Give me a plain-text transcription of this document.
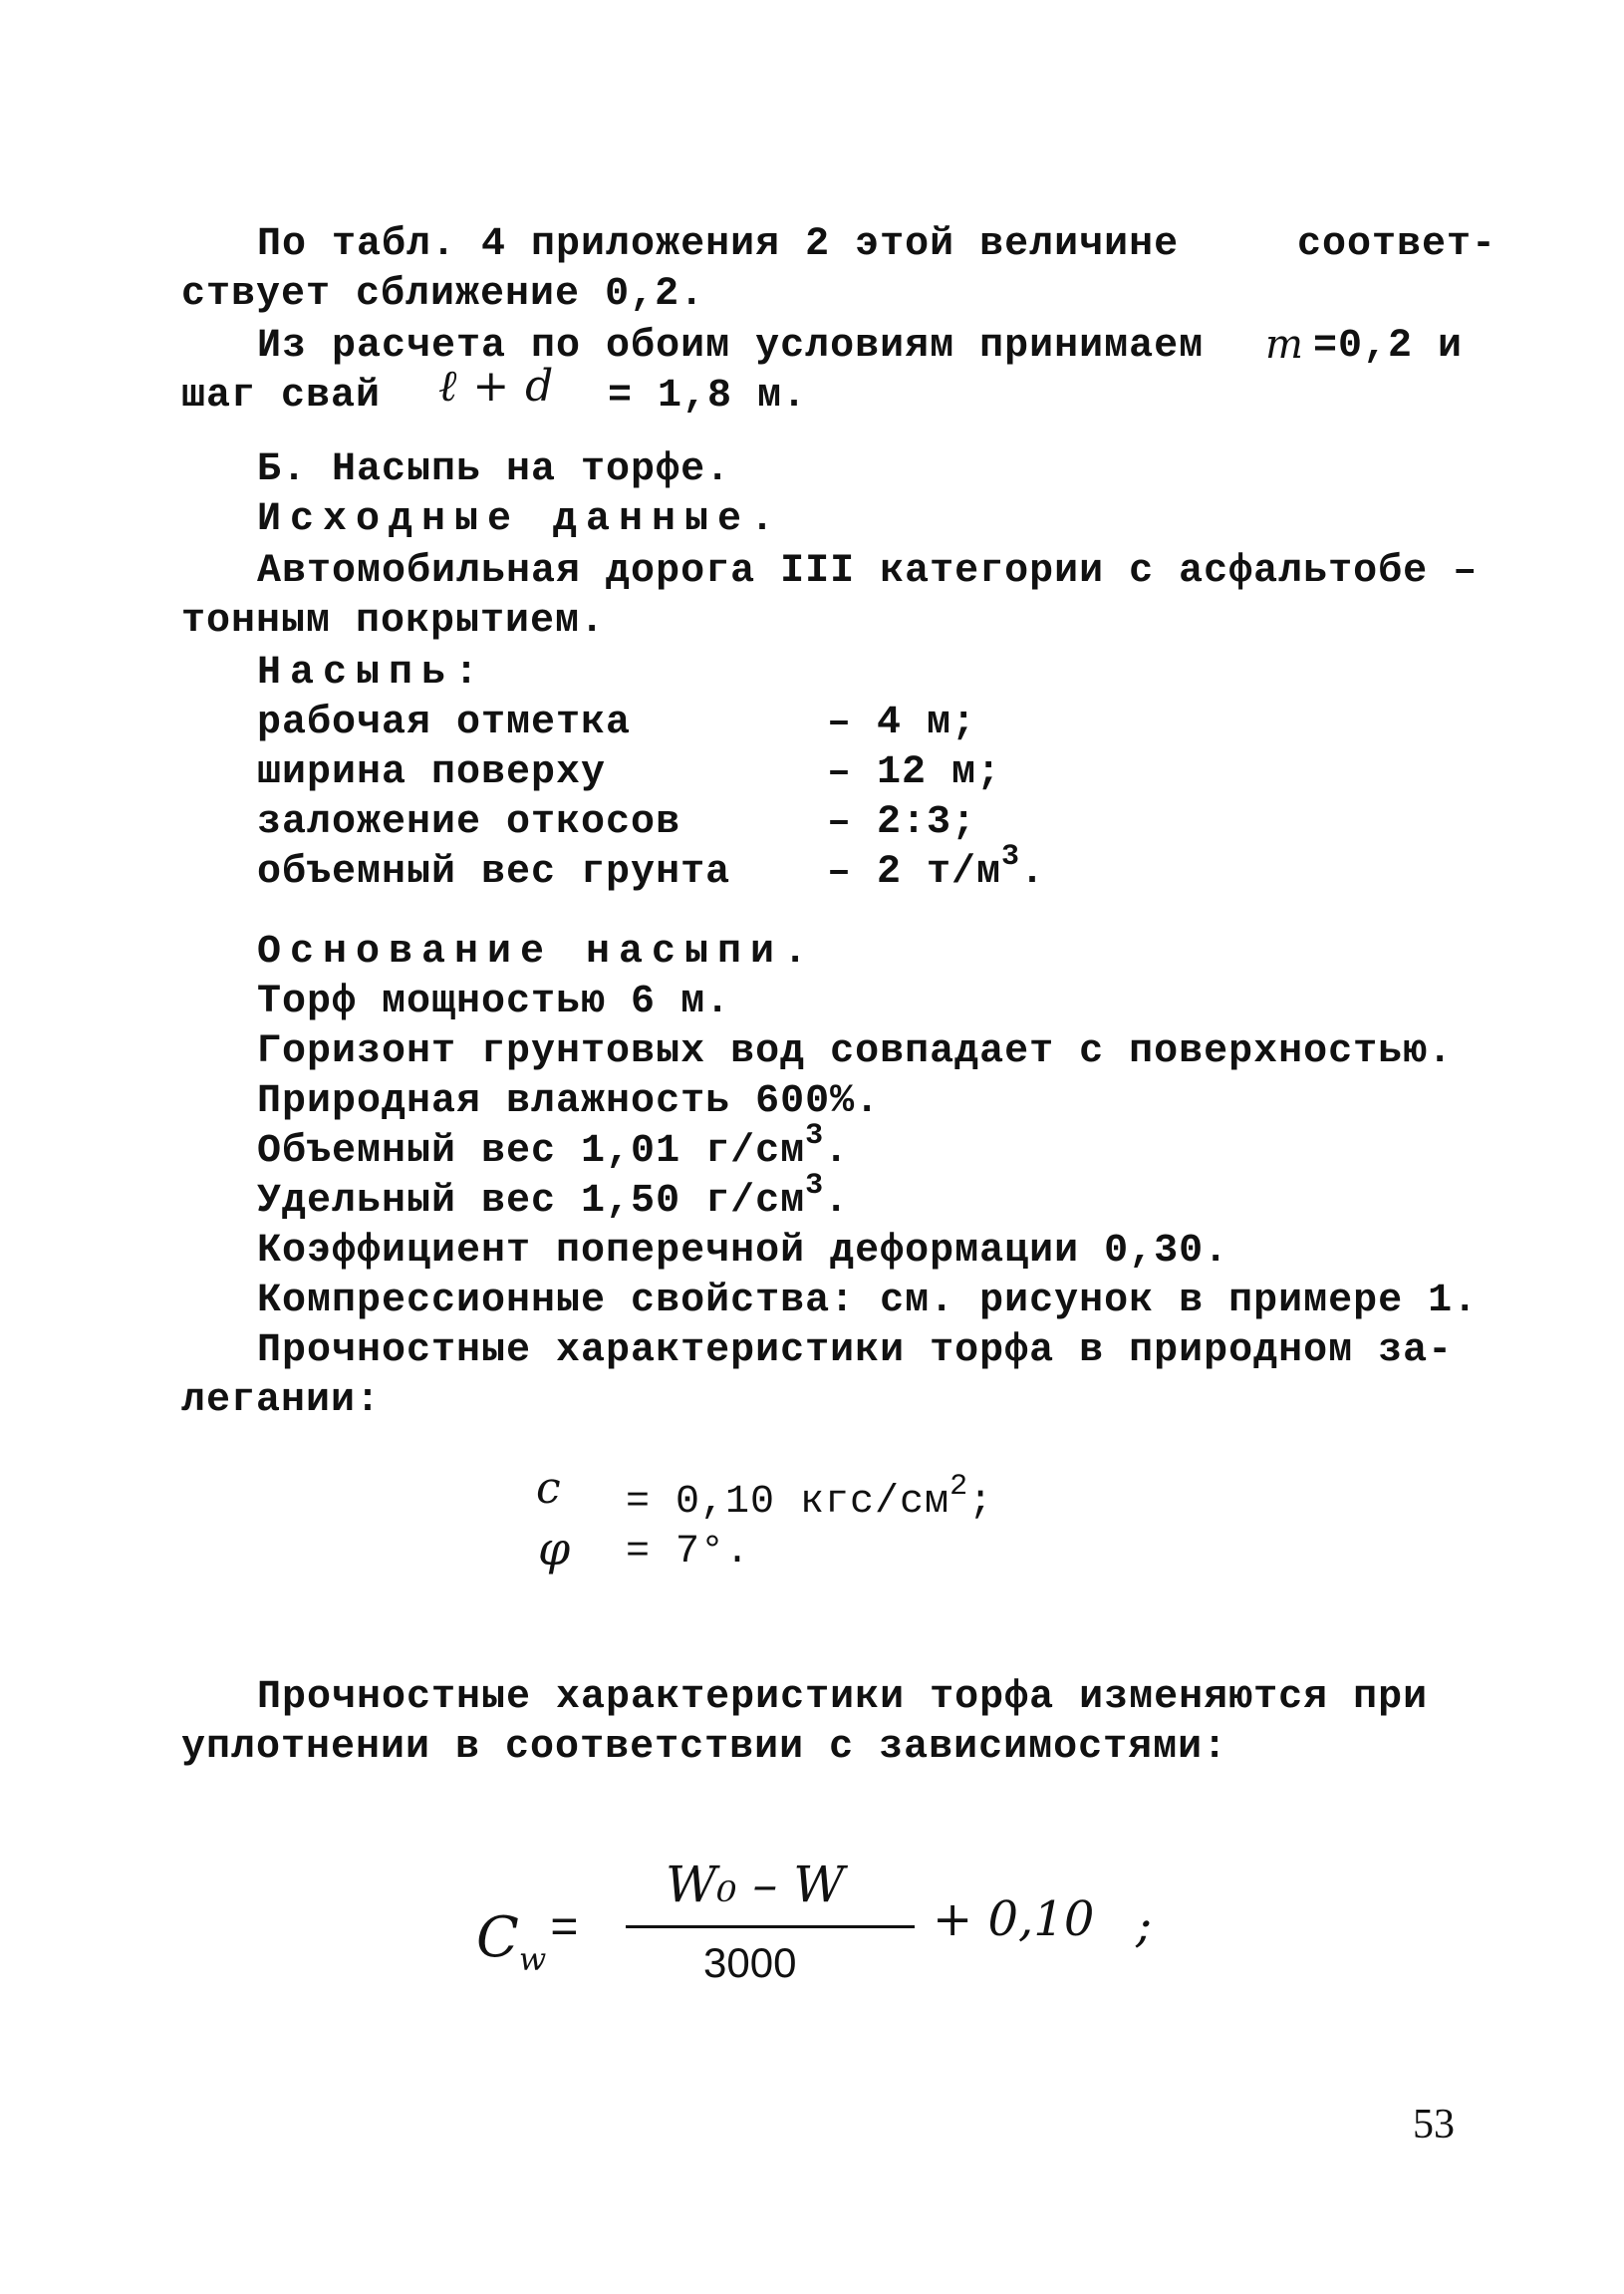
По табл. 4 приложения 2 этой величине	соответ-
ствует сближение 0,2.
Из расчета по обоим условиям принимаем m =0,2 и
шаг свай ℓ + d = 1,8 м.
Б. Насыпь на торфе.
Исходные данные.
Автомобильная дорога III категории с асфальтобе –
тонным покрытием.
Насыпь:
рабочая отметка	– 4 м;
ширина поверху	– 12 м;
заложение откосов	– 2:3;
объемный вес грунта – 2 $т/м^3$.
Основание насыпи.
Торф мощностью 6 м.
Горизонт грунтовых вод совпадает с поверхностью.
Природная влажность 600%.
Объемный вес 1,01 $г/см^3$.
Удельный вес 1,50 $г/см^3$.
Коэффициент поперечной деформации 0,30.
Компрессионные свойства: см. рисунок в примере 1.
Прочностные характеристики торфа в природном за-
легании:
c = 0,10 кгс/$см^2$;
φ = 7°.
Прочностные характеристики торфа изменяются при
уплотнении в соответствии с зависимостями:
$C_w$
=
W₀ – W
3000
+ 0,10 ;
53
